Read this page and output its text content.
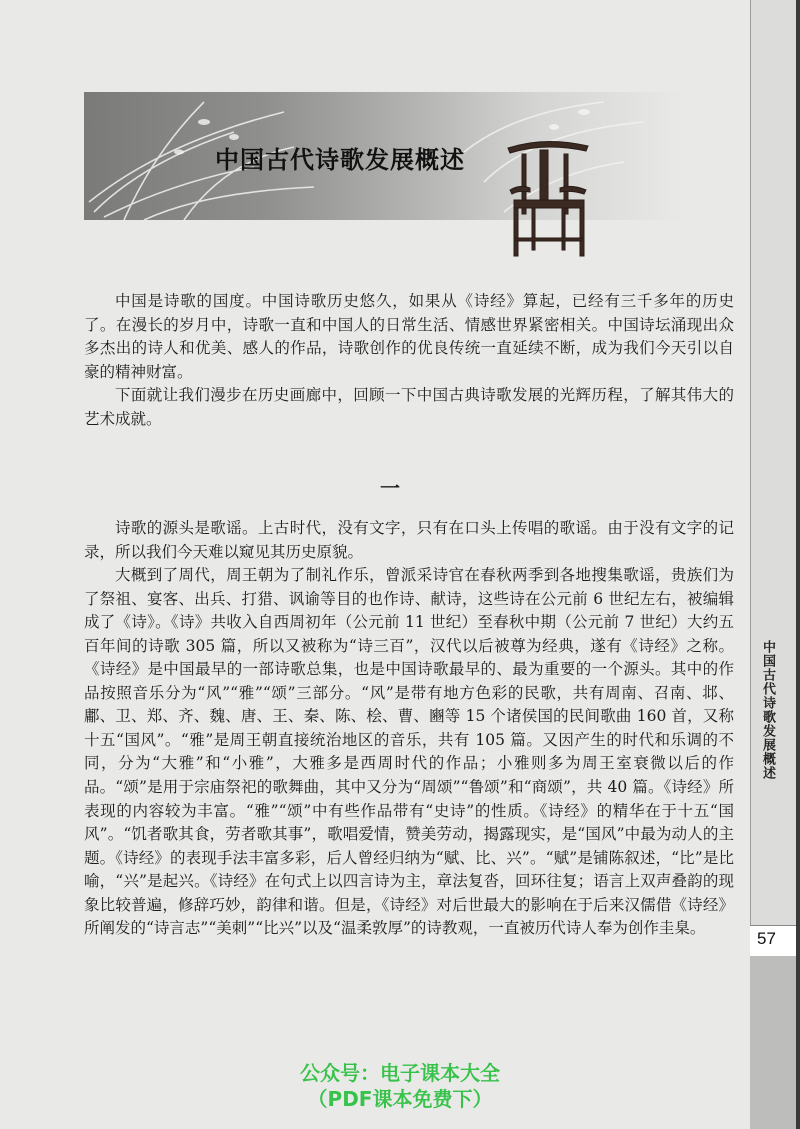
中国古代诗歌发展概述
57
中国古代诗歌发展概述

中国是诗歌的国度。中国诗歌历史悠久，如果从《诗经》算起，已经有三千多年的历史了。在漫长的岁月中，诗歌一直和中国人的日常生活、情感世界紧密相关。中国诗坛涌现出众多杰出的诗人和优美、感人的作品，诗歌创作的优良传统一直延续不断，成为我们今天引以自豪的精神财富。

下面就让我们漫步在历史画廊中，回顾一下中国古典诗歌发展的光辉历程，了解其伟大的艺术成就。

一

诗歌的源头是歌谣。上古时代，没有文字，只有在口头上传唱的歌谣。由于没有文字的记录，所以我们今天难以窥见其历史原貌。

大概到了周代，周王朝为了制礼作乐，曾派采诗官在春秋两季到各地搜集歌谣，贵族们为了祭祖、宴客、出兵、打猎、讽谕等目的也作诗、献诗，这些诗在公元前 6 世纪左右，被编辑成了《诗》。《诗》共收入自西周初年（公元前 11 世纪）至春秋中期（公元前 7 世纪）大约五百年间的诗歌 305 篇，所以又被称为“诗三百”，汉代以后被尊为经典，遂有《诗经》之称。《诗经》是中国最早的一部诗歌总集，也是中国诗歌最早的、最为重要的一个源头。其中的作品按照音乐分为“风”“雅”“颂”三部分。“风”是带有地方色彩的民歌，共有周南、召南、邶、鄘、卫、郑、齐、魏、唐、王、秦、陈、桧、曹、豳等 15 个诸侯国的民间歌曲 160 首，又称十五“国风”。“雅”是周王朝直接统治地区的音乐，共有 105 篇。又因产生的时代和乐调的不同，分为“大雅”和“小雅”，大雅多是西周时代的作品；小雅则多为周王室衰微以后的作品。“颂”是用于宗庙祭祀的歌舞曲，其中又分为“周颂”“鲁颂”和“商颂”，共 40 篇。《诗经》所表现的内容较为丰富。“雅”“颂”中有些作品带有“史诗”的性质。《诗经》的精华在于十五“国风”。“饥者歌其食，劳者歌其事”，歌唱爱情，赞美劳动，揭露现实，是“国风”中最为动人的主题。《诗经》的表现手法丰富多彩，后人曾经归纳为“赋、比、兴”。“赋”是铺陈叙述，“比”是比喻，“兴”是起兴。《诗经》在句式上以四言诗为主，章法复沓，回环往复；语言上双声叠韵的现象比较普遍，修辞巧妙，韵律和谐。但是，《诗经》对后世最大的影响在于后来汉儒借《诗经》所阐发的“诗言志”“美刺”“比兴”以及“温柔敦厚”的诗教观，一直被历代诗人奉为创作圭臬。

公众号：电子课本大全
（PDF课本免费下）
